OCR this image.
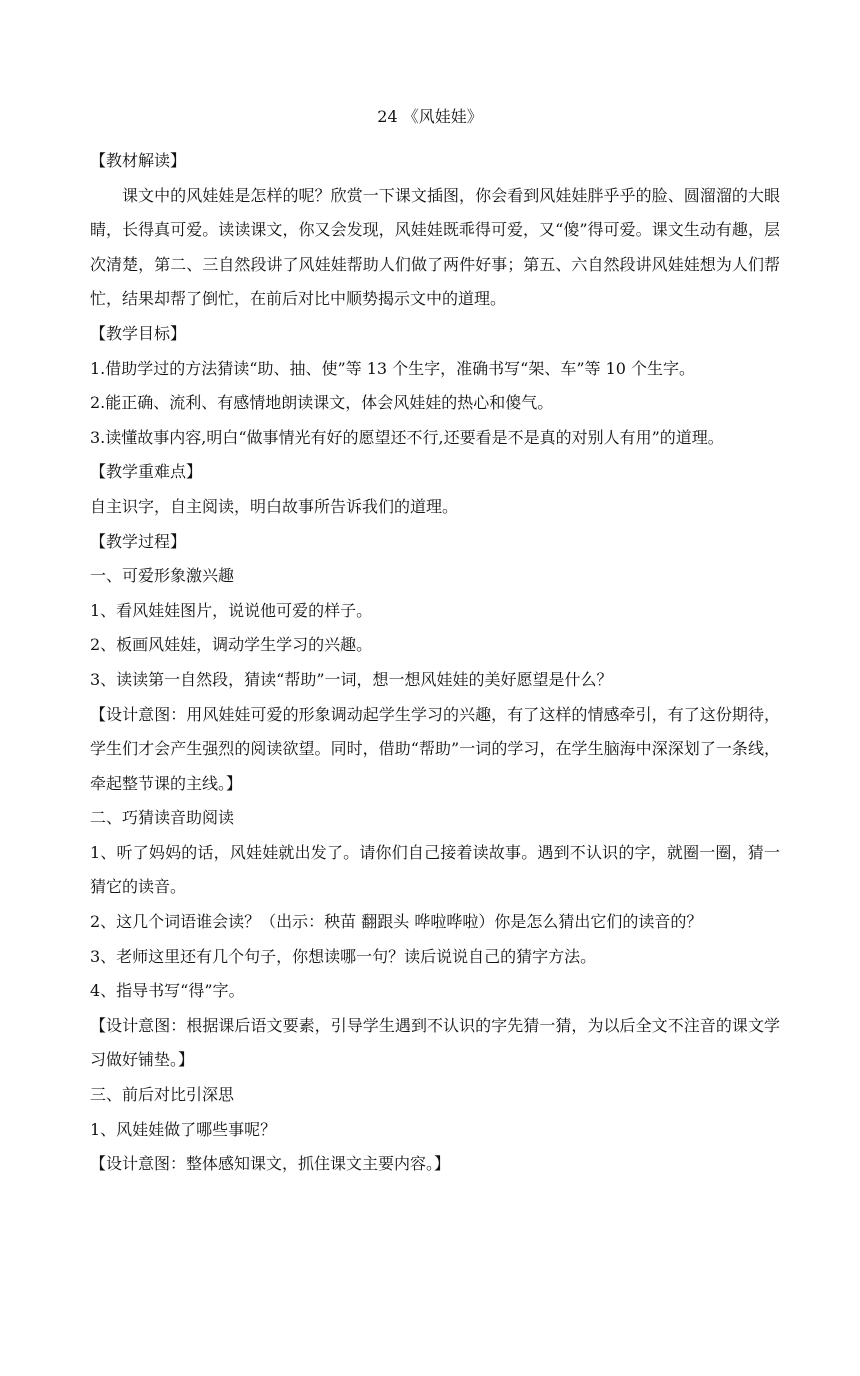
24 《风娃娃》
【教材解读】
课文中的风娃娃是怎样的呢？欣赏一下课文插图，你会看到风娃娃胖乎乎的脸、圆溜溜的大眼睛，长得真可爱。读读课文，你又会发现，风娃娃既乖得可爱，又“傻”得可爱。课文生动有趣，层次清楚，第二、三自然段讲了风娃娃帮助人们做了两件好事；第五、六自然段讲风娃娃想为人们帮忙，结果却帮了倒忙，在前后对比中顺势揭示文中的道理。
【教学目标】
1.借助学过的方法猜读“助、抽、使”等 13 个生字，准确书写“架、车”等 10 个生字。
2.能正确、流利、有感情地朗读课文，体会风娃娃的热心和傻气。
3.读懂故事内容,明白“做事情光有好的愿望还不行,还要看是不是真的对别人有用”的道理。
【教学重难点】
自主识字，自主阅读，明白故事所告诉我们的道理。
【教学过程】
一、可爱形象激兴趣
1、看风娃娃图片，说说他可爱的样子。
2、板画风娃娃，调动学生学习的兴趣。
3、读读第一自然段，猜读“帮助”一词，想一想风娃娃的美好愿望是什么？
【设计意图：用风娃娃可爱的形象调动起学生学习的兴趣，有了这样的情感牵引，有了这份期待，学生们才会产生强烈的阅读欲望。同时，借助“帮助”一词的学习，在学生脑海中深深划了一条线，牵起整节课的主线。】
二、巧猜读音助阅读
1、听了妈妈的话，风娃娃就出发了。请你们自己接着读故事。遇到不认识的字，就圈一圈，猜一猜它的读音。
2、这几个词语谁会读？（出示：秧苗 翻跟头 哗啦哗啦）你是怎么猜出它们的读音的？
3、老师这里还有几个句子，你想读哪一句？读后说说自己的猜字方法。
4、指导书写“得”字。
【设计意图：根据课后语文要素，引导学生遇到不认识的字先猜一猜，为以后全文不注音的课文学习做好铺垫。】
三、前后对比引深思
1、风娃娃做了哪些事呢？
【设计意图：整体感知课文，抓住课文主要内容。】
